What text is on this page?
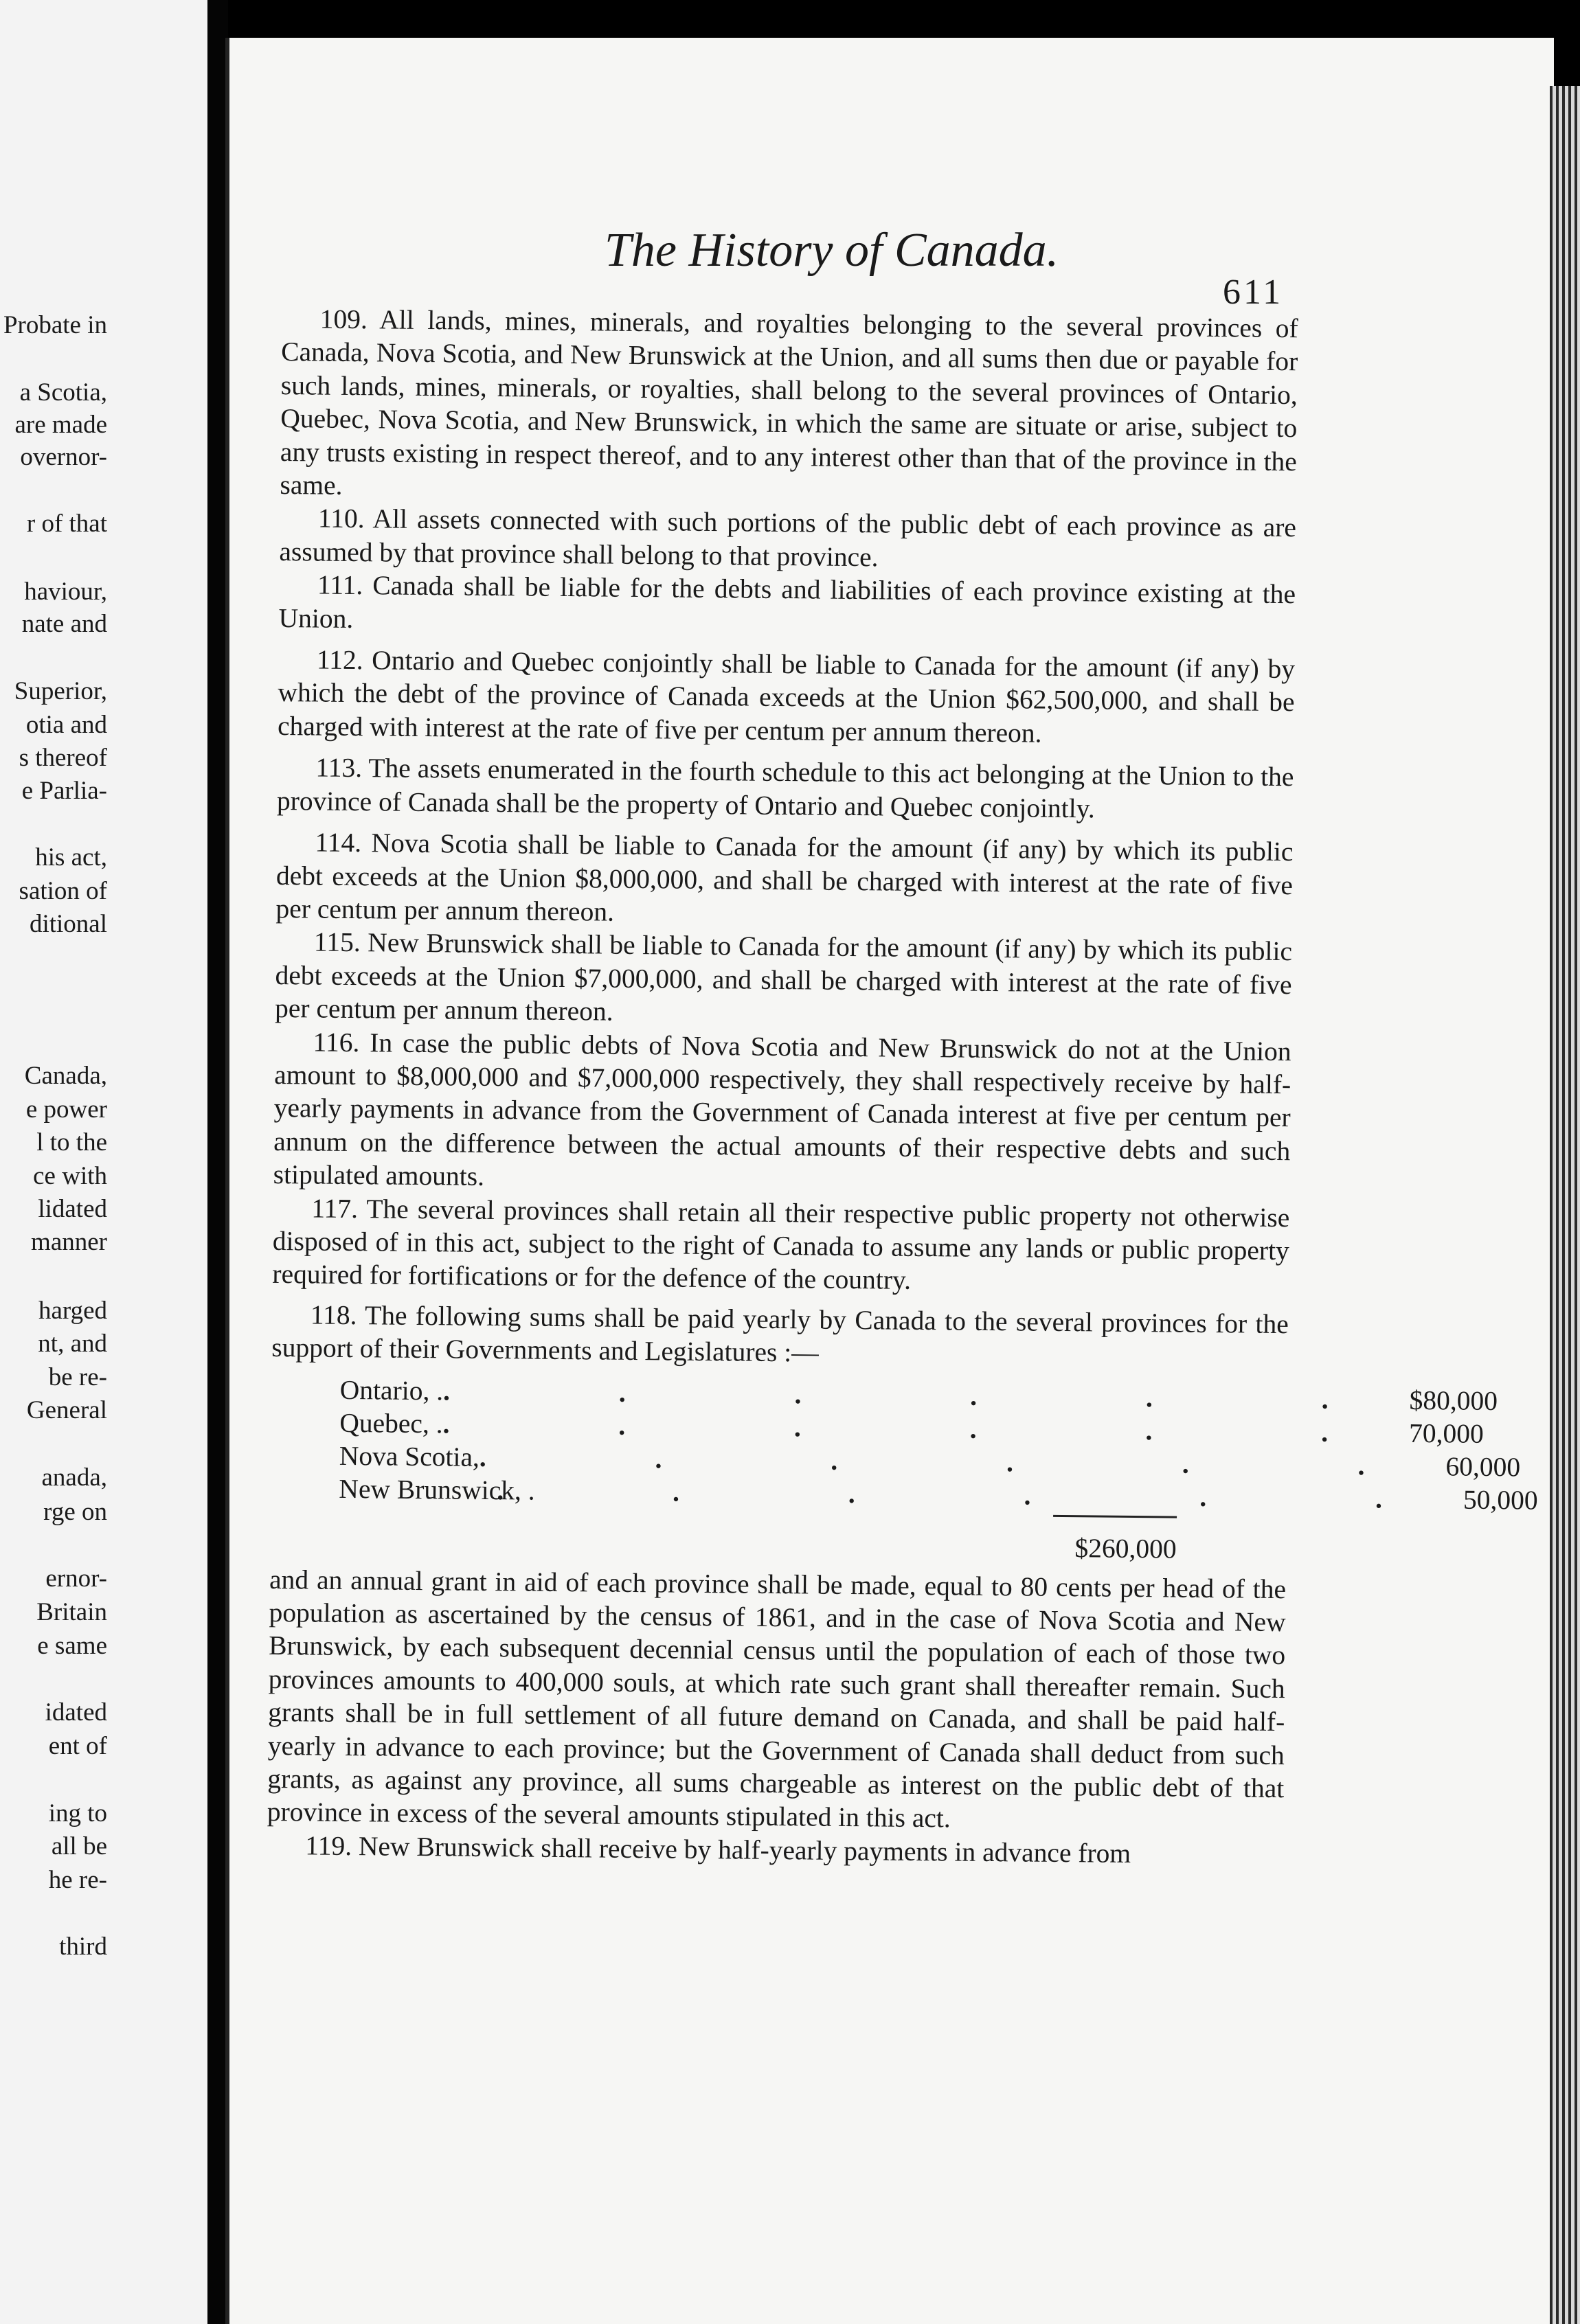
Probate in
a Scotia,
are made
overnor-
r of that
haviour,
nate and
Superior,
otia and
s thereof
e Parlia-
his act,
sation of
ditional
Canada,
e power
l to the
ce with
lidated
manner
harged
nt, and
be re-
General
anada,
rge on
ernor-
Britain
e same
idated
ent of
ing to
all be
he re-
third
The History of Canada.
611

109. All lands, mines, minerals, and royalties belonging to the several provinces of Canada, Nova Scotia, and New Brunswick at the Union, and all sums then due or payable for such lands, mines, minerals, or royalties, shall belong to the several provinces of Ontario, Quebec, Nova Scotia, and New Brunswick, in which the same are situate or arise, subject to any trusts existing in respect thereof, and to any interest other than that of the province in the same.

110. All assets connected with such portions of the public debt of each province as are assumed by that province shall belong to that province.

111. Canada shall be liable for the debts and liabilities of each province existing at the Union.

112. Ontario and Quebec conjointly shall be liable to Canada for the amount (if any) by which the debt of the province of Canada exceeds at the Union $62,500,000, and shall be charged with interest at the rate of five per centum per annum thereon.

113. The assets enumerated in the fourth schedule to this act belonging at the Union to the province of Canada shall be the property of Ontario and Quebec conjointly.

114. Nova Scotia shall be liable to Canada for the amount (if any) by which its public debt exceeds at the Union $8,000,000, and shall be charged with interest at the rate of five per centum per annum thereon.

115. New Brunswick shall be liable to Canada for the amount (if any) by which its public debt exceeds at the Union $7,000,000, and shall be charged with interest at the rate of five per centum per annum thereon.

116. In case the public debts of Nova Scotia and New Brunswick do not at the Union amount to $8,000,000 and $7,000,000 respectively, they shall respectively receive by half-yearly payments in advance from the Government of Canada interest at five per centum per annum on the difference between the actual amounts of their respective debts and such stipulated amounts.

117. The several provinces shall retain all their respective public property not otherwise disposed of in this act, subject to the right of Canada to assume any lands or public property required for fortifications or for the defence of the country.

118. The following sums shall be paid yearly by Canada to the several provinces for the support of their Governments and Legislatures :—

Ontario, . . . . . . . $80,000
Quebec, . . . . . . . 70,000
Nova Scotia, . . . . . . 60,000
New Brunswick, .
. . . . . . 50,000
$260,000

and an annual grant in aid of each province shall be made, equal to 80 cents per head of the population as ascertained by the census of 1861, and in the case of Nova Scotia and New Brunswick, by each subsequent decennial census until the population of each of those two provinces amounts to 400,000 souls, at which rate such grant shall thereafter remain. Such grants shall be in full settlement of all future demand on Canada, and shall be paid half-yearly in advance to each province; but the Government of Canada shall deduct from such grants, as against any province, all sums chargeable as interest on the public debt of that province in excess of the several amounts stipulated in this act.

119. New Brunswick shall receive by half-yearly payments in advance from
